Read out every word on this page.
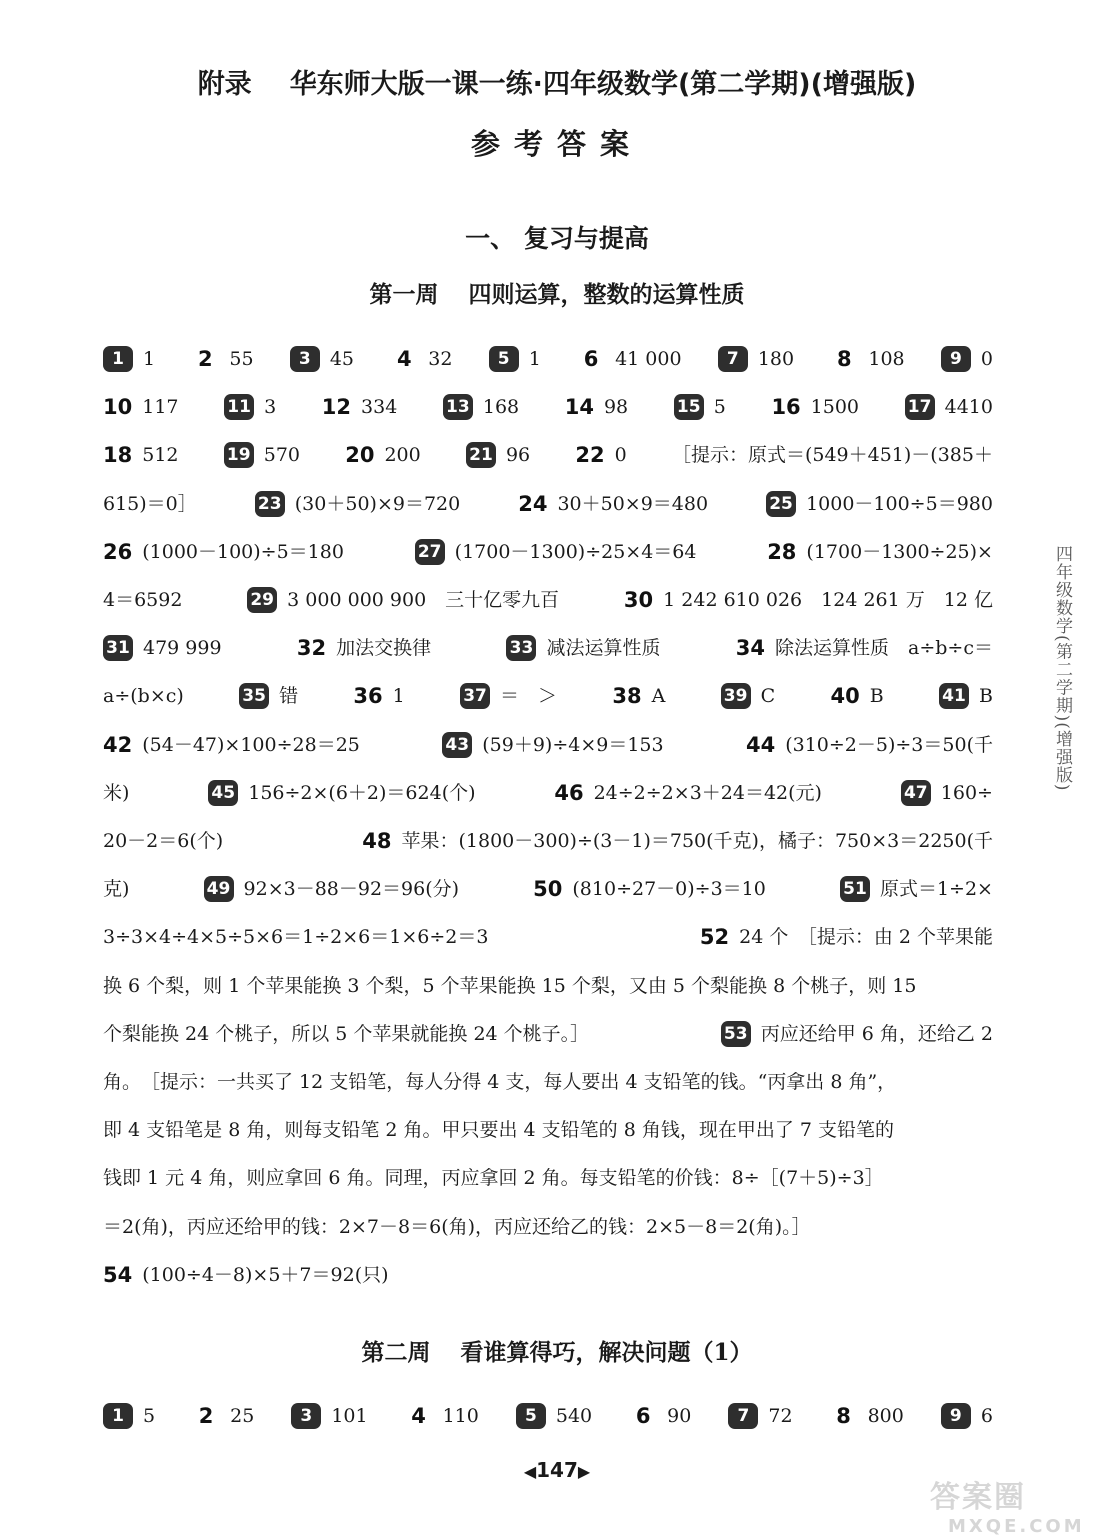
附录 华东师大版一课一练·四年级数学(第二学期)(增强版)
参考答案
一、 复习与提高
第一周 四则运算，整数的运算性质
1	1	2 55	3	45	4 32	5	1	6 41 000	7	180	8 108	9	0
10 117	11 3 12 334	13 168 14 98	15 5 16 1500	17 4410
18 512	19 570 20 200	21 96 22 0 ［提示：原式＝(549＋451)－(385＋
615)＝0］	23 (30＋50)×9＝720	24 30＋50×9＝480	25 1000－100÷5＝980
26 (1000－100)÷5＝180	27 (1700－1300)÷25×4＝64	28 (1700－1300÷25)×
4＝6592	29 3 000 000 900　三十亿零九百	30 1 242 610 026　124 261 万　12 亿
31 479 999	32 加法交换律	33 减法运算性质	34 除法运算性质　a÷b÷c＝
a÷(b×c)	35 错	36 1	37 ＝　＞	38 A	39 C	40 B	41 B
42 (54－47)×100÷28＝25	43 (59＋9)÷4×9＝153	44 (310÷2－5)÷3＝50(千
米)	45 156÷2×(6＋2)＝624(个)	46 24÷2÷2×3＋24＝42(元)	47 160÷
20－2＝6(个)	48 苹果：(1800－300)÷(3－1)＝750(千克)，橘子：750×3＝2250(千
克)	49 92×3－88－92＝96(分)	50 (810÷27－0)÷3＝10	51 原式＝1÷2×
3÷3×4÷4×5÷5×6＝1÷2×6＝1×6÷2＝3	52 24 个　［提示：由 2 个苹果能
换 6 个梨，则 1 个苹果能换 3 个梨，5 个苹果能换 15 个梨，又由 5 个梨能换 8 个桃子，则 15
个梨能换 24 个桃子，所以 5 个苹果就能换 24 个桃子。］	53 丙应还给甲 6 角，还给乙 2
角。　［提示：一共买了 12 支铅笔，每人分得 4 支，每人要出 4 支铅笔的钱。“丙拿出 8 角”，
即 4 支铅笔是 8 角，则每支铅笔 2 角。甲只要出 4 支铅笔的 8 角钱，现在甲出了 7 支铅笔的
钱即 1 元 4 角，则应拿回 6 角。同理，丙应拿回 2 角。每支铅笔的价钱：8÷［(7＋5)÷3］
＝2(角)，丙应还给甲的钱：2×7－8＝6(角)，丙应还给乙的钱：2×5－8＝2(角)。］
54 (100÷4－8)×5＋7＝92(只)
第二周 看谁算得巧，解决问题（1）
1	5	2 25	3	101	4 110	5	540	6 90	7	72	8 800	9	6
四年级数学(第二学期)(增强版)
◀147▶
答案圈
MXQE.COM
